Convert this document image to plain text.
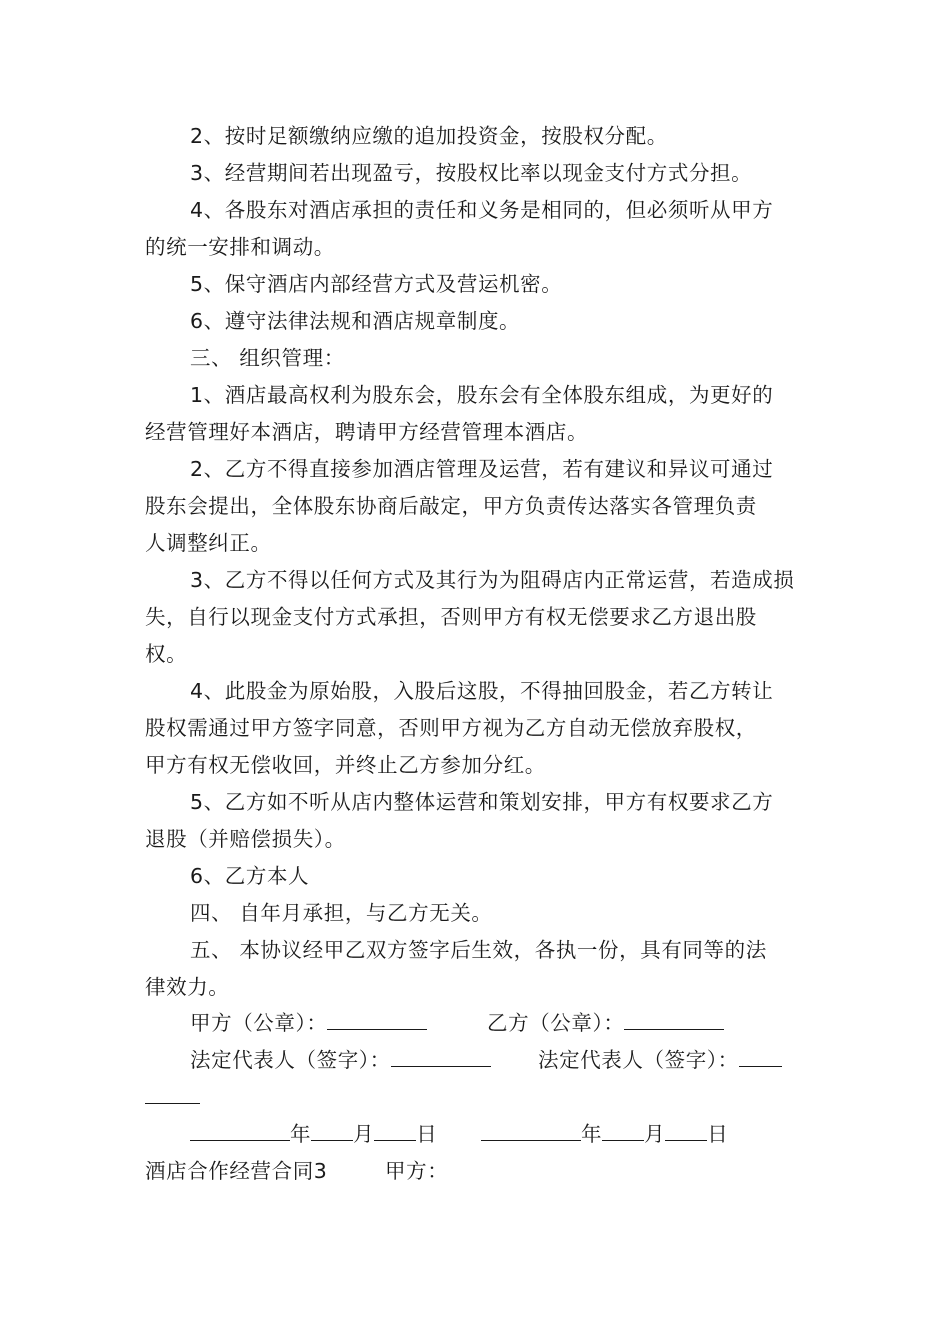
2、按时足额缴纳应缴的追加投资金，按股权分配。
3、经营期间若出现盈亏，按股权比率以现金支付方式分担。
4、各股东对酒店承担的责任和义务是相同的，但必须听从甲方
的统一安排和调动。
5、保守酒店内部经营方式及营运机密。
6、遵守法律法规和酒店规章制度。
三、 组织管理：
1、酒店最高权利为股东会，股东会有全体股东组成，为更好的
经营管理好本酒店，聘请甲方经营管理本酒店。
2、乙方不得直接参加酒店管理及运营，若有建议和异议可通过
股东会提出，全体股东协商后敲定，甲方负责传达落实各管理负责
人调整纠正。
3、乙方不得以任何方式及其行为为阻碍店内正常运营，若造成损
失，自行以现金支付方式承担，否则甲方有权无偿要求乙方退出股
权。
4、此股金为原始股，入股后这股，不得抽回股金，若乙方转让
股权需通过甲方签字同意，否则甲方视为乙方自动无偿放弃股权，
甲方有权无偿收回，并终止乙方参加分红。
5、乙方如不听从店内整体运营和策划安排，甲方有权要求乙方
退股（并赔偿损失）。
6、乙方本人
四、 自年月承担，与乙方无关。
五、 本协议经甲乙双方签字后生效，各执一份，具有同等的法
律效力。
甲方（公章）：	乙方（公章）：
法定代表人（签字）：	法定代表人（签字）：
年 月 日	年 月 日
酒店合作经营合同3	甲方：
